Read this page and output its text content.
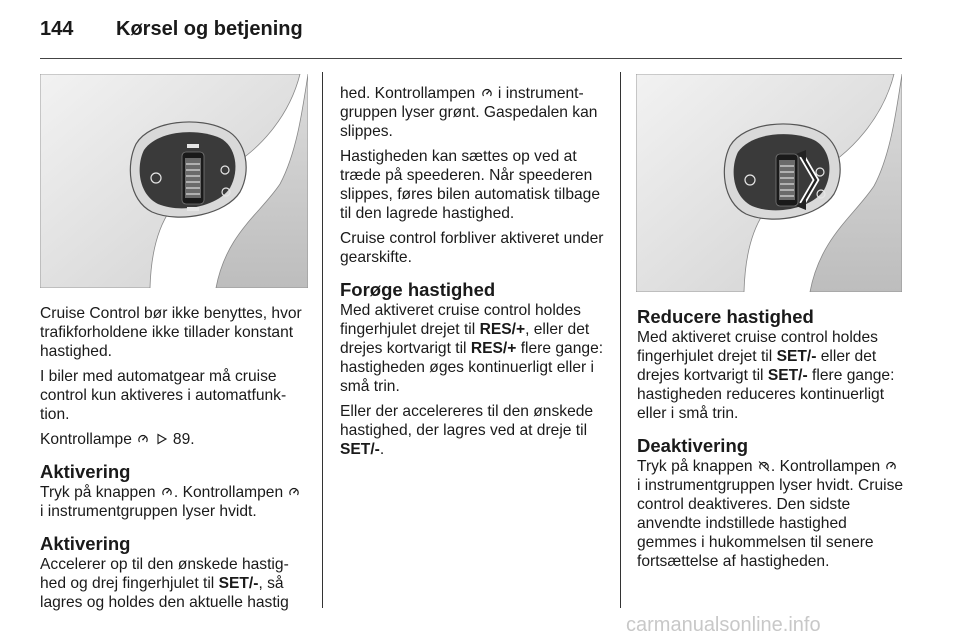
144	Kørsel og betjening

Cruise Control bør ikke benyttes, hvor trafikforholdene ikke tillader konstant hastighed.

I biler med automatgear må cruise control kun aktiveres i automatfunktion.

Kontrollampe   89.

Aktivering

Tryk på knappen . Kontrollampen  i instrumentgruppen lyser hvidt.

Aktivering

Accelerer op til den ønskede hastighed og drej fingerhjulet til SET/-, så lagres og holdes den aktuelle hastig

hed. Kontrollampen  i instrumentgruppen lyser grønt. Gaspedalen kan slippes.

Hastigheden kan sættes op ved at træde på speederen. Når speederen slippes, føres bilen automatisk tilbage til den lagrede hastighed.

Cruise control forbliver aktiveret under gearskifte.

Forøge hastighed

Med aktiveret cruise control holdes fingerhjulet drejet til RES/+, eller det drejes kortvarigt til RES/+ flere gange: hastigheden øges kontinuerligt eller i små trin.

Eller der accelereres til den ønskede hastighed, der lagres ved at dreje til SET/-.

Reducere hastighed

Med aktiveret cruise control holdes fingerhjulet drejet til SET/- eller det drejes kortvarigt til SET/- flere gange: hastigheden reduceres kontinuerligt eller i små trin.

Deaktivering

Tryk på knappen . Kontrollampen  i instrumentgruppen lyser hvidt. Cruise control deaktiveres. Den sidste anvendte indstillede hastighed gemmes i hukommelsen til senere fortsættelse af hastigheden.

carmanualsonline.info
